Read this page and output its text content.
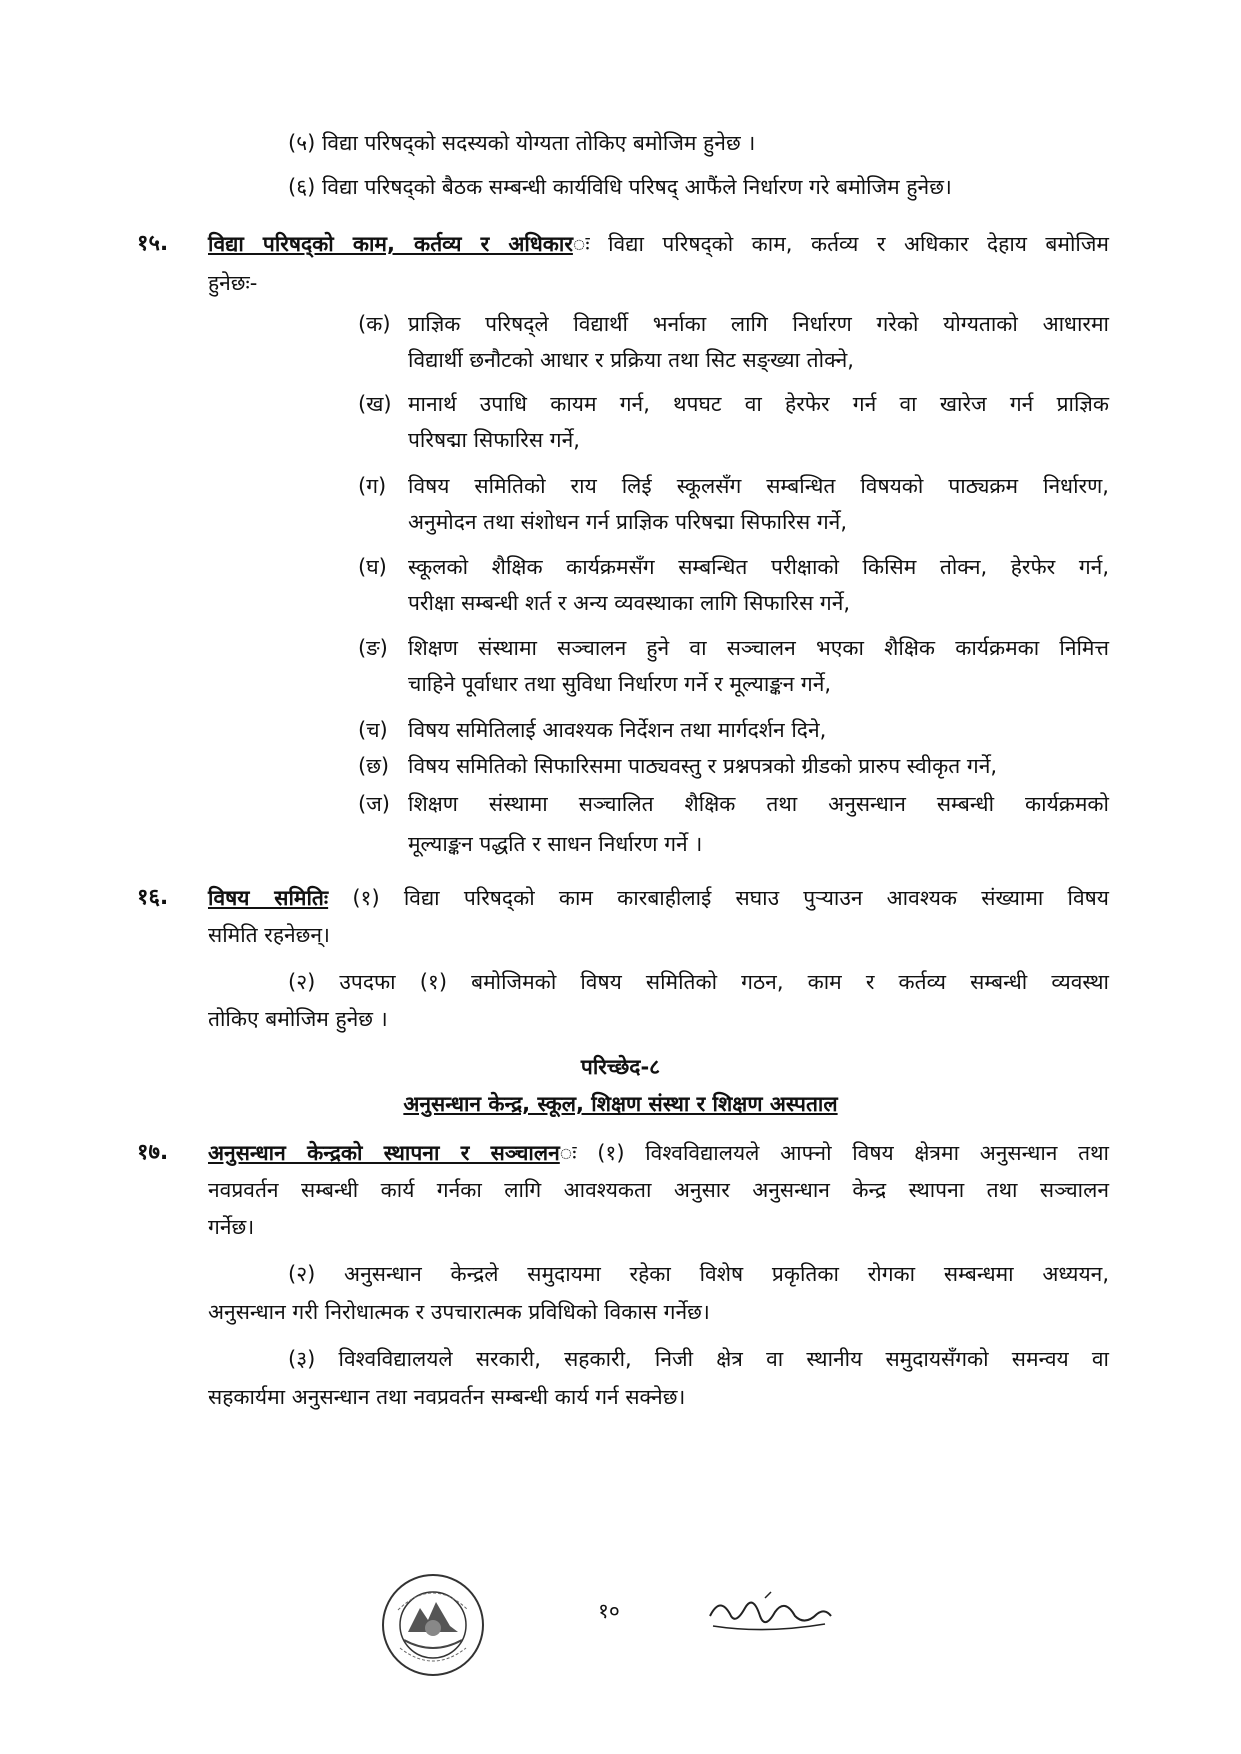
(५) विद्या परिषद्को सदस्यको योग्यता तोकिए बमोजिम हुनेछ ।
(६) विद्या परिषद्को बैठक सम्बन्धी कार्यविधि परिषद् आफैंले निर्धारण गरे बमोजिम हुनेछ।
१५. विद्या परिषद्को काम, कर्तव्य र अधिकारः विद्या परिषद्को काम, कर्तव्य र अधिकार देहाय बमोजिम
हुनेछः-
(क) प्राज्ञिक परिषद्ले विद्यार्थी भर्नाका लागि निर्धारण गरेको योग्यताको आधारमा
विद्यार्थी छनौटको आधार र प्रक्रिया तथा सिट सङ्ख्या तोक्ने,
(ख) मानार्थ उपाधि कायम गर्न, थपघट वा हेरफेर गर्न वा खारेज गर्न प्राज्ञिक
परिषद्मा सिफारिस गर्ने,
(ग) विषय समितिको राय लिई स्कूलसँग सम्बन्धित विषयको पाठ्यक्रम निर्धारण,
अनुमोदन तथा संशोधन गर्न प्राज्ञिक परिषद्मा सिफारिस गर्ने,
(घ) स्कूलको शैक्षिक कार्यक्रमसँग सम्बन्धित परीक्षाको किसिम तोक्न, हेरफेर गर्न,
परीक्षा सम्बन्धी शर्त र अन्य व्यवस्थाका लागि सिफारिस गर्ने,
(ङ) शिक्षण संस्थामा सञ्चालन हुने वा सञ्चालन भएका शैक्षिक कार्यक्रमका निमित्त
चाहिने पूर्वाधार तथा सुविधा निर्धारण गर्ने र मूल्याङ्कन गर्ने,
(च) विषय समितिलाई आवश्यक निर्देशन तथा मार्गदर्शन दिने,
(छ) विषय समितिको सिफारिसमा पाठ्यवस्तु र प्रश्नपत्रको ग्रीडको प्रारुप स्वीकृत गर्ने,
(ज) शिक्षण संस्थामा सञ्चालित शैक्षिक तथा अनुसन्धान सम्बन्धी कार्यक्रमको
मूल्याङ्कन पद्धति र साधन निर्धारण गर्ने ।
१६. विषय समितिः (१) विद्या परिषद्को काम कारबाहीलाई सघाउ पुऱ्याउन आवश्यक संख्यामा विषय
समिति रहनेछन्।
(२) उपदफा (१) बमोजिमको विषय समितिको गठन, काम र कर्तव्य सम्बन्धी व्यवस्था
तोकिए बमोजिम हुनेछ ।
परिच्छेद-८
अनुसन्धान केन्द्र, स्कूल, शिक्षण संस्था र शिक्षण अस्पताल
१७. अनुसन्धान केन्द्रको स्थापना र सञ्चालनः (१) विश्वविद्यालयले आफ्नो विषय क्षेत्रमा अनुसन्धान तथा
नवप्रवर्तन सम्बन्धी कार्य गर्नका लागि आवश्यकता अनुसार अनुसन्धान केन्द्र स्थापना तथा सञ्चालन
गर्नेछ।
(२) अनुसन्धान केन्द्रले समुदायमा रहेका विशेष प्रकृतिका रोगका सम्बन्धमा अध्ययन,
अनुसन्धान गरी निरोधात्मक र उपचारात्मक प्रविधिको विकास गर्नेछ।
(३) विश्वविद्यालयले सरकारी, सहकारी, निजी क्षेत्र वा स्थानीय समुदायसँगको समन्वय वा
सहकार्यमा अनुसन्धान तथा नवप्रवर्तन सम्बन्धी कार्य गर्न सक्नेछ।
१०
